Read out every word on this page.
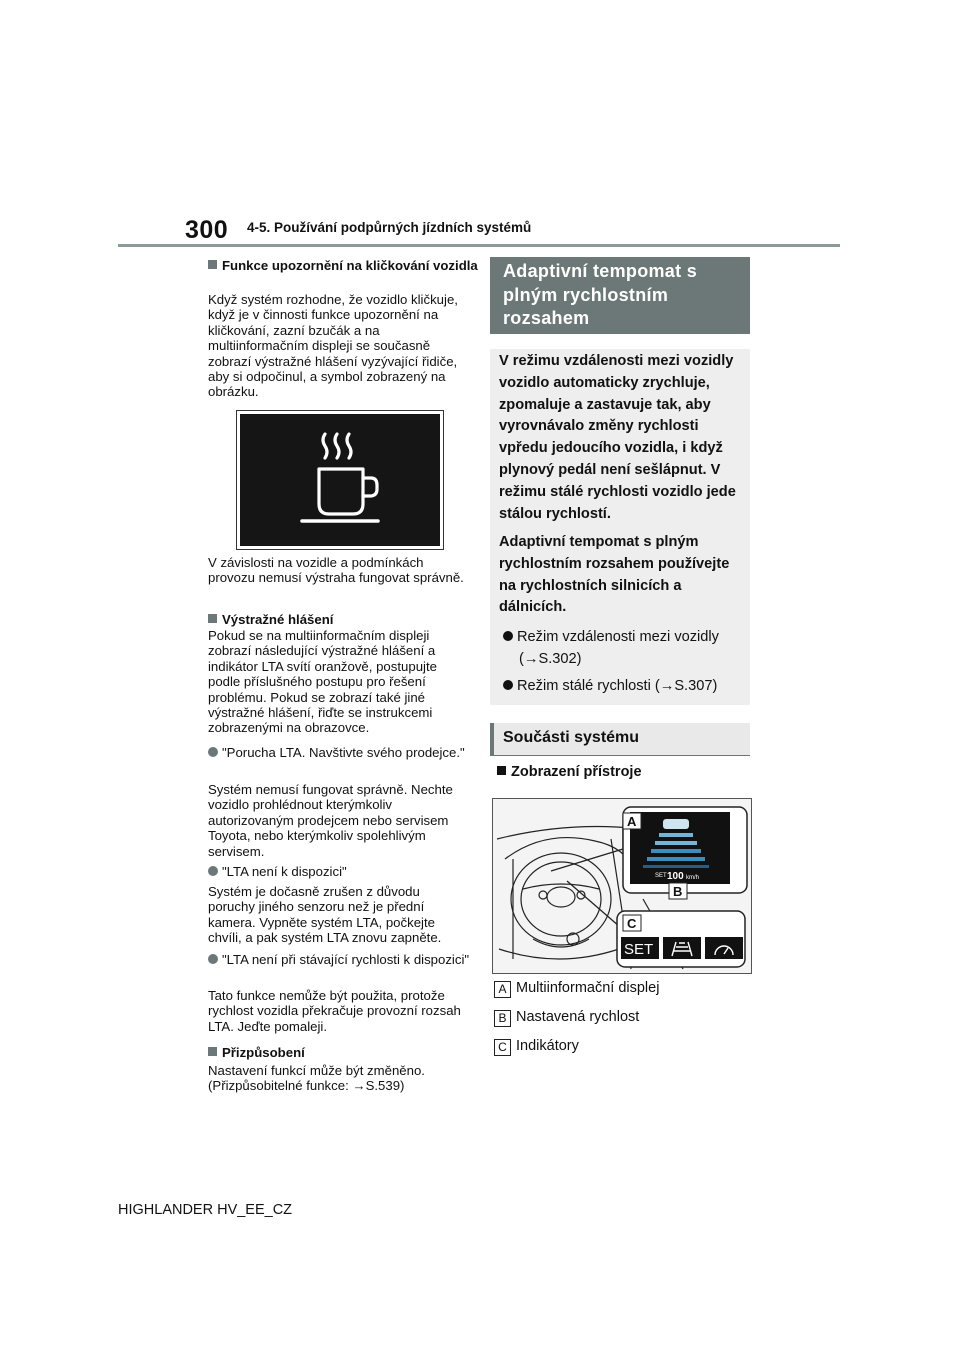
300 4-5. Používání podpůrných jízdních systémů
Funkce upozornění na kličkování vozidla
Když systém rozhodne, že vozidlo kličkuje, když je v činnosti funkce upozornění na kličkování, zazní bzučák a na multiinformačním displeji se současně zobrazí výstražné hlášení vyzývající řidiče, aby si odpočinul, a symbol zobrazený na obrázku.
V závislosti na vozidle a podmínkách provozu nemusí výstraha fungovat správně.
Výstražné hlášení
Pokud se na multiinformačním displeji zobrazí následující výstražné hlášení a indikátor LTA svítí oranžově, postupujte podle příslušného postupu pro řešení problému. Pokud se zobrazí také jiné výstražné hlášení, řiďte se instrukcemi zobrazenými na obrazovce.
"Porucha LTA. Navštivte svého prodejce."
Systém nemusí fungovat správně. Nechte vozidlo prohlédnout kterýmkoliv autorizovaným prodejcem nebo servisem Toyota, nebo kterýmkoliv spolehlivým servisem.
"LTA není k dispozici"
Systém je dočasně zrušen z důvodu poruchy jiného senzoru než je přední kamera. Vypněte systém LTA, počkejte chvíli, a pak systém LTA znovu zapněte.
"LTA není při stávající rychlosti k dispozici"
Tato funkce nemůže být použita, protože rychlost vozidla překračuje provozní rozsah LTA. Jeďte pomaleji.
Přizpůsobení
Nastavení funkcí může být změněno. (Přizpůsobitelné funkce: →S.539)
Adaptivní tempomat s plným rychlostním rozsahem
V režimu vzdálenosti mezi vozidly vozidlo automaticky zrychluje, zpomaluje a zastavuje tak, aby vyrovnávalo změny rychlosti vpředu jedoucího vozidla, i když plynový pedál není sešlápnut. V režimu stálé rychlosti vozidlo jede stálou rychlostí.
Adaptivní tempomat s plným rychlostním rozsahem používejte na rychlostních silnicích a dálnicích.
Režim vzdálenosti mezi vozidly (→S.302)
Režim stálé rychlosti (→S.307)
Součásti systému
Zobrazení přístroje
SET 100 km/h
A
B
C
SET
A Multiinformační displej
B Nastavená rychlost
C Indikátory
HIGHLANDER HV_EE_CZ
